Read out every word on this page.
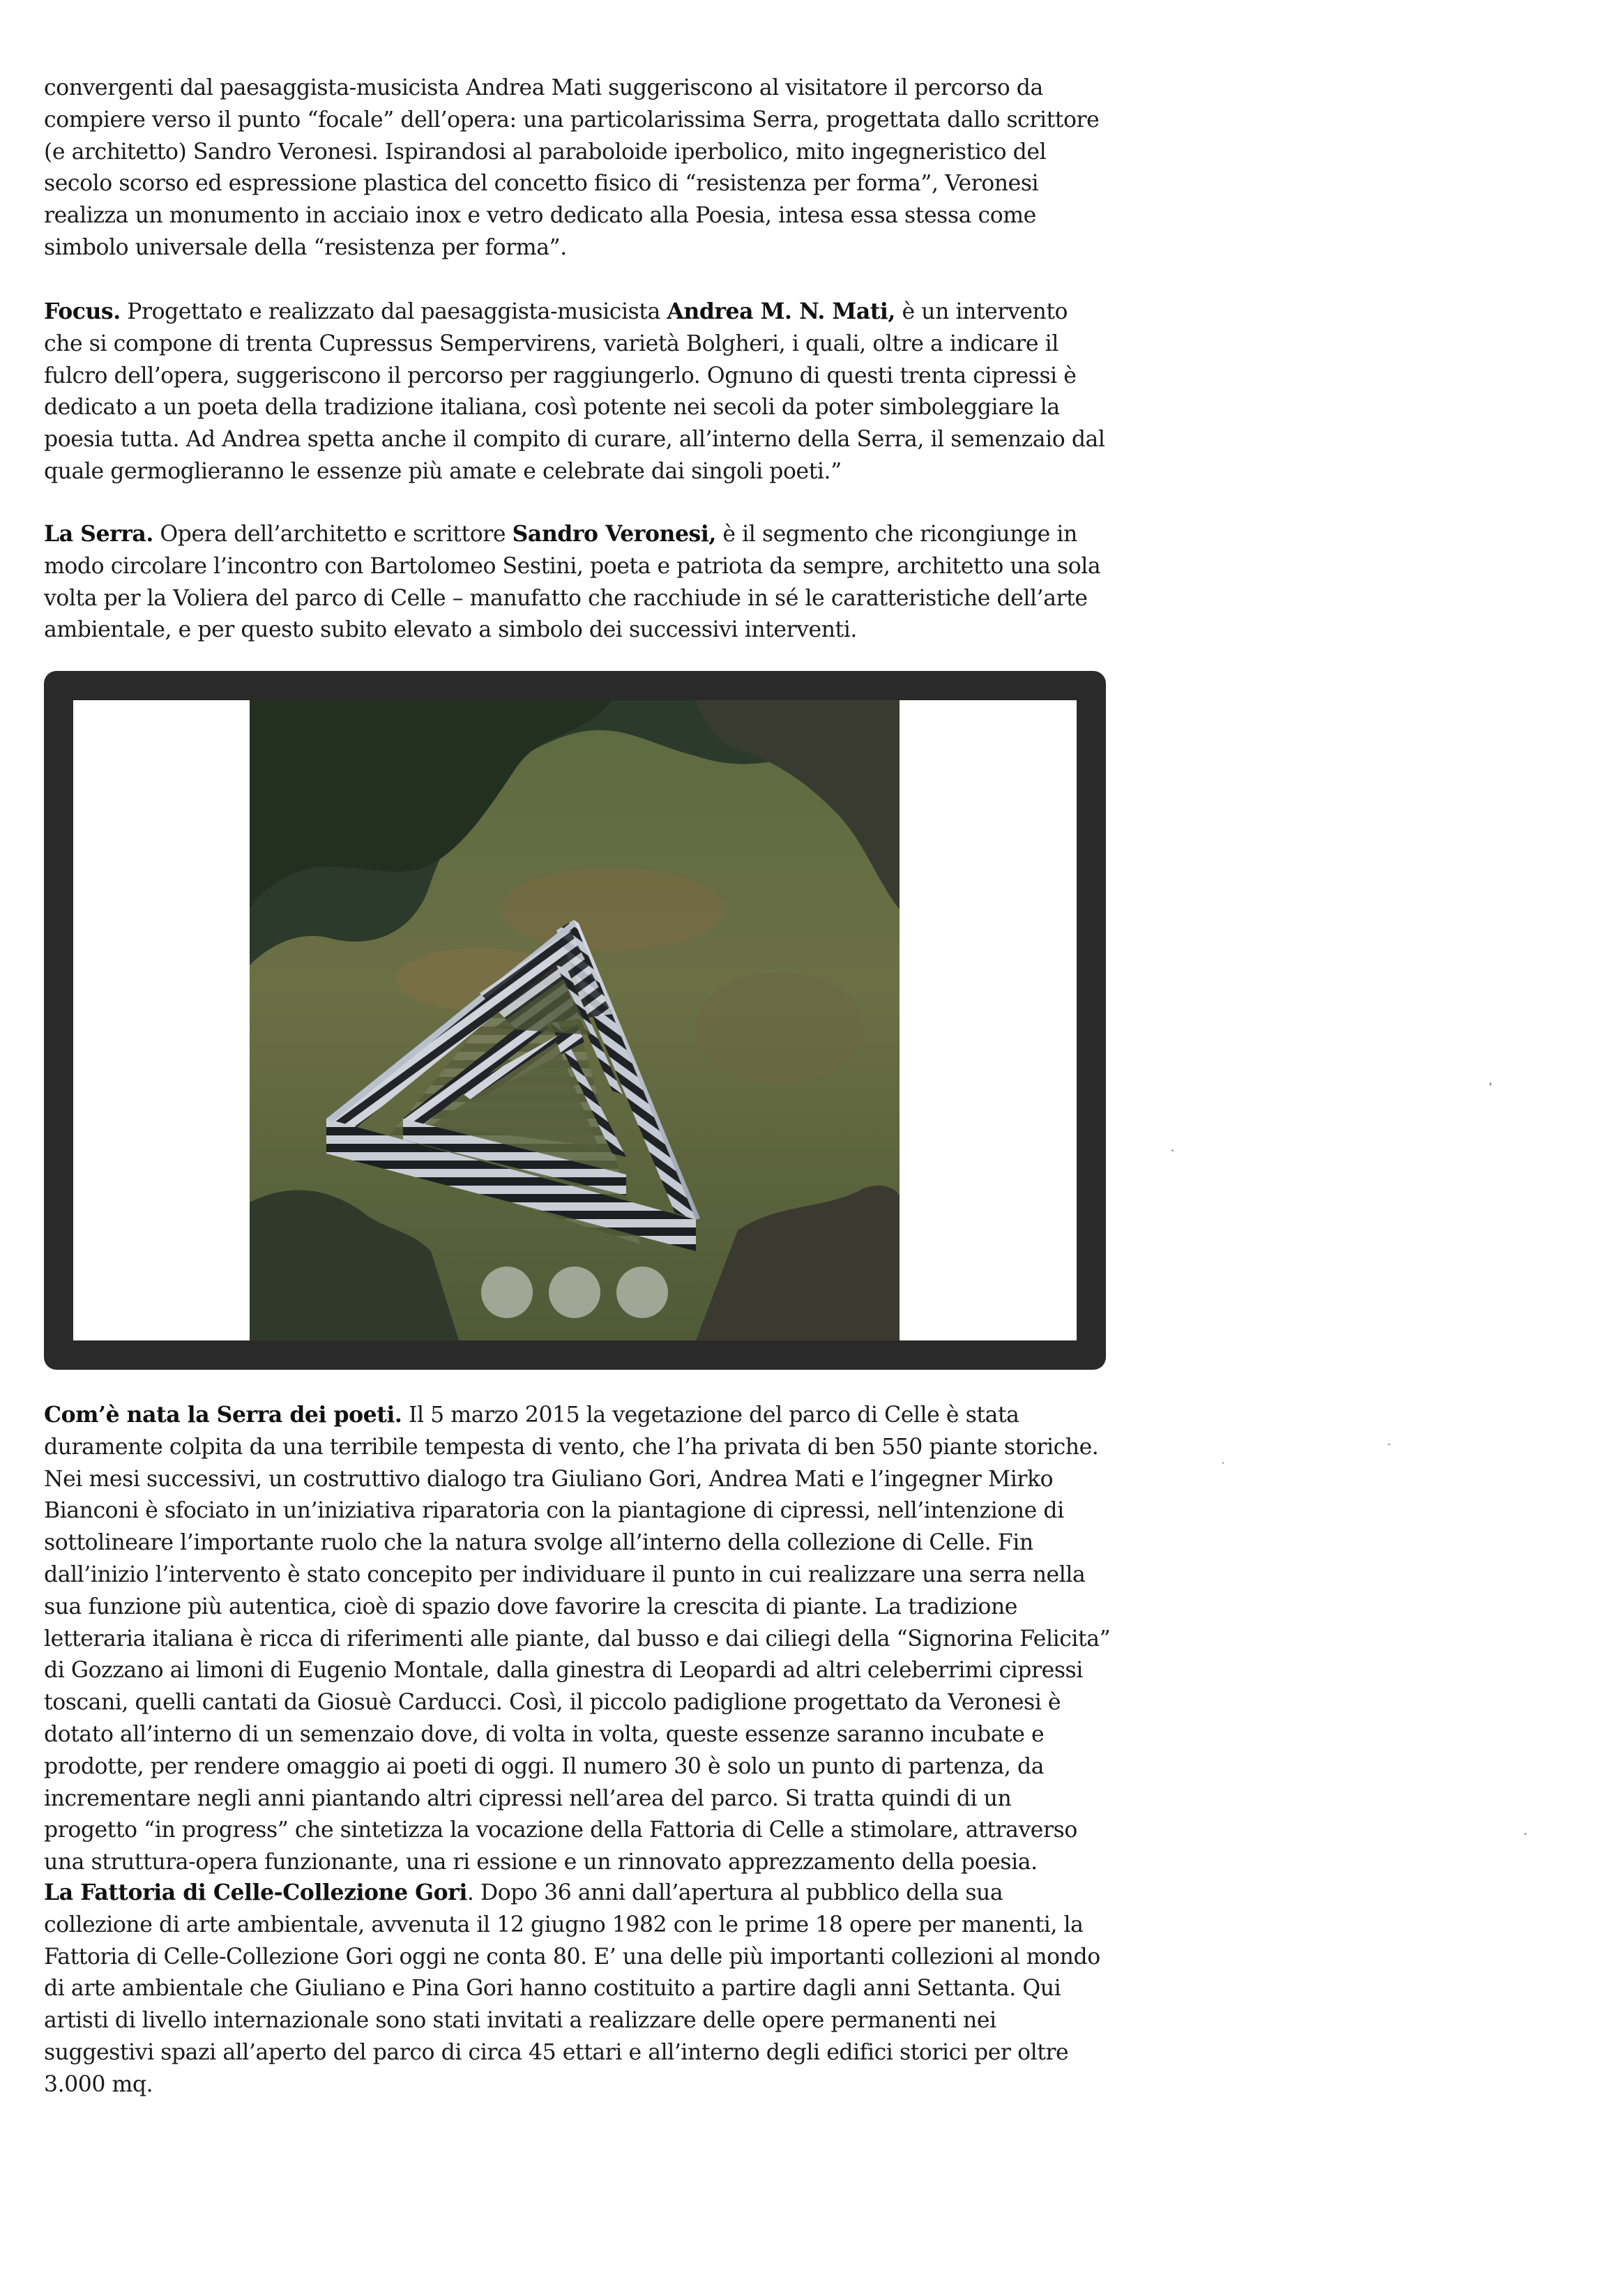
convergenti dal paesaggista-musicista Andrea Mati suggeriscono al visitatore il percorso da compiere verso il punto “focale” dell’opera: una particolarissima Serra, progettata dallo scrittore (e architetto) Sandro Veronesi. Ispirandosi al paraboloide iperbolico, mito ingegneristico del secolo scorso ed espressione plastica del concetto fisico di “resistenza per forma”, Veronesi realizza un monumento in acciaio inox e vetro dedicato alla Poesia, intesa essa stessa come simbolo universale della “resistenza per forma”.

Focus. Progettato e realizzato dal paesaggista-musicista Andrea M. N. Mati, è un intervento che si compone di trenta Cupressus Sempervirens, varietà Bolgheri, i quali, oltre a indicare il fulcro dell’opera, suggeriscono il percorso per raggiungerlo. Ognuno di questi trenta cipressi è dedicato a un poeta della tradizione italiana, così potente nei secoli da poter simboleggiare la poesia tutta. Ad Andrea spetta anche il compito di curare, all’interno della Serra, il semenzaio dal quale germoglieranno le essenze più amate e celebrate dai singoli poeti.”

La Serra. Opera dell’architetto e scrittore Sandro Veronesi, è il segmento che ricongiunge in modo circolare l’incontro con Bartolomeo Sestini, poeta e patriota da sempre, architetto una sola volta per la Voliera del parco di Celle – manufatto che racchiude in sé le caratteristiche dell’arte ambientale, e per questo subito elevato a simbolo dei successivi interventi.

Com’è nata la Serra dei poeti. Il 5 marzo 2015 la vegetazione del parco di Celle è stata duramente colpita da una terribile tempesta di vento, che l’ha privata di ben 550 piante storiche. Nei mesi successivi, un costruttivo dialogo tra Giuliano Gori, Andrea Mati e l’ingegner Mirko Bianconi è sfociato in un’iniziativa riparatoria con la piantagione di cipressi, nell’intenzione di sottolineare l’importante ruolo che la natura svolge all’interno della collezione di Celle. Fin dall’inizio l’intervento è stato concepito per individuare il punto in cui realizzare una serra nella sua funzione più autentica, cioè di spazio dove favorire la crescita di piante. La tradizione letteraria italiana è ricca di riferimenti alle piante, dal busso e dai ciliegi della “Signorina Felicita” di Gozzano ai limoni di Eugenio Montale, dalla ginestra di Leopardi ad altri celeberrimi cipressi toscani, quelli cantati da Giosuè Carducci. Così, il piccolo padiglione progettato da Veronesi è dotato all’interno di un semenzaio dove, di volta in volta, queste essenze saranno incubate e prodotte, per rendere omaggio ai poeti di oggi. Il numero 30 è solo un punto di partenza, da incrementare negli anni piantando altri cipressi nell’area del parco. Si tratta quindi di un progetto “in progress” che sintetizza la vocazione della Fattoria di Celle a stimolare, attraverso una struttura-opera funzionante, una ri essione e un rinnovato apprezzamento della poesia.

La Fattoria di Celle-Collezione Gori. Dopo 36 anni dall’apertura al pubblico della sua collezione di arte ambientale, avvenuta il 12 giugno 1982 con le prime 18 opere per manenti, la Fattoria di Celle-Collezione Gori oggi ne conta 80. E’ una delle più importanti collezioni al mondo di arte ambientale che Giuliano e Pina Gori hanno costituito a partire dagli anni Settanta. Qui artisti di livello internazionale sono stati invitati a realizzare delle opere permanenti nei suggestivi spazi all’aperto del parco di circa 45 ettari e all’interno degli edifici storici per oltre 3.000 mq.
